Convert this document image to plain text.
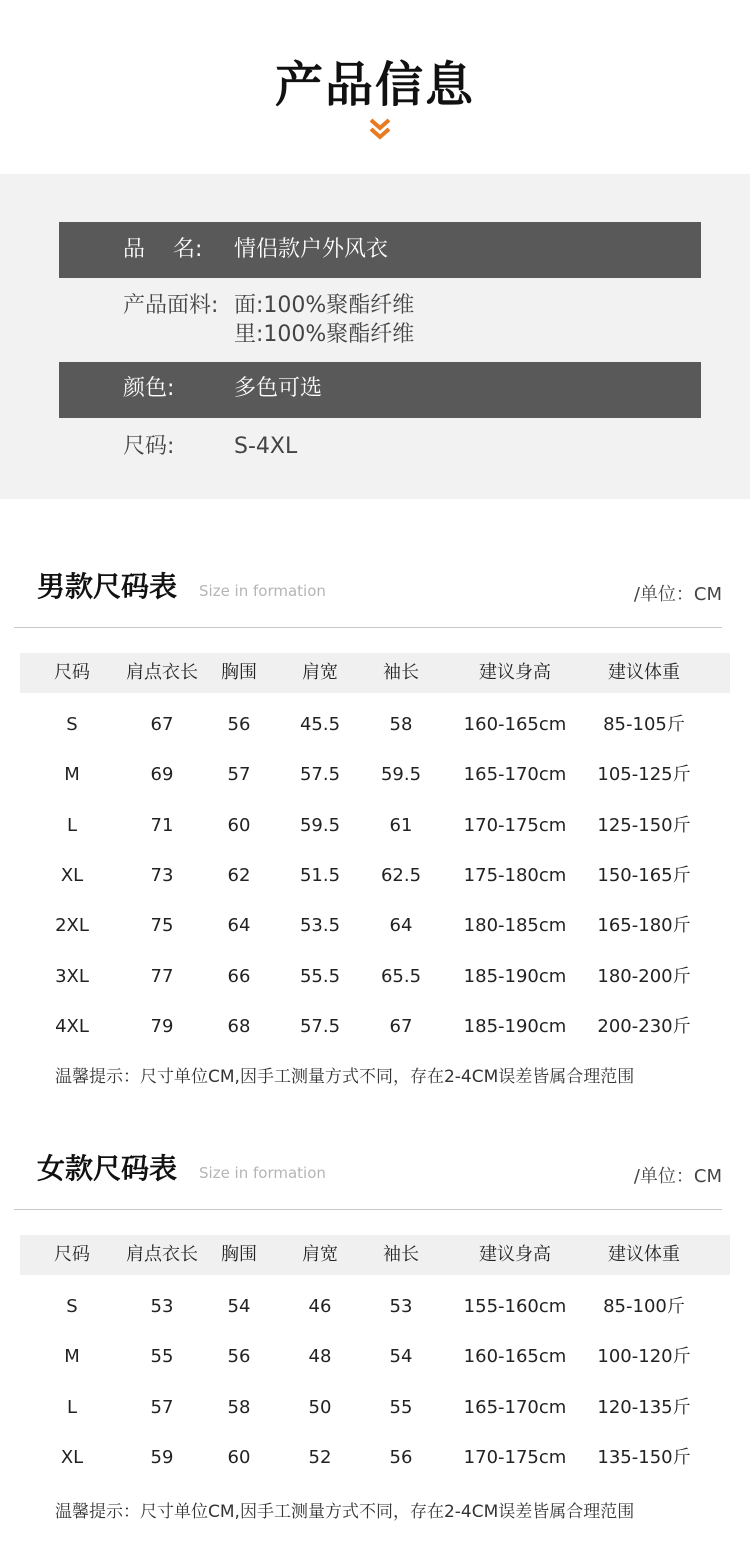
产品信息
品    名: 情侣款户外风衣
产品面料: 面:100%聚酯纤维
里:100%聚酯纤维
颜色:	多色可选
尺码:	S-4XL
男款尺码表 Size in formation	/单位：CM
尺码	肩点衣长	胸围	肩宽	袖长	建议身高	建议体重
S	67	56	45.5	58	160-165cm	85-105斤
M	69	57	57.5	59.5	165-170cm	105-125斤
L	71	60	59.5	61	170-175cm	125-150斤
XL	73	62	51.5	62.5	175-180cm	150-165斤
2XL	75	64	53.5	64	180-185cm	165-180斤
3XL	77	66	55.5	65.5	185-190cm	180-200斤
4XL	79	68	57.5	67	185-190cm	200-230斤
温馨提示：尺寸单位CM,因手工测量方式不同，存在2-4CM误差皆属合理范围
女款尺码表 Size in formation	/单位：CM
尺码	肩点衣长	胸围	肩宽	袖长	建议身高	建议体重
S	53	54	46	53	155-160cm	85-100斤
M	55	56	48	54	160-165cm	100-120斤
L	57	58	50	55	165-170cm	120-135斤
XL	59	60	52	56	170-175cm	135-150斤
温馨提示：尺寸单位CM,因手工测量方式不同，存在2-4CM误差皆属合理范围
